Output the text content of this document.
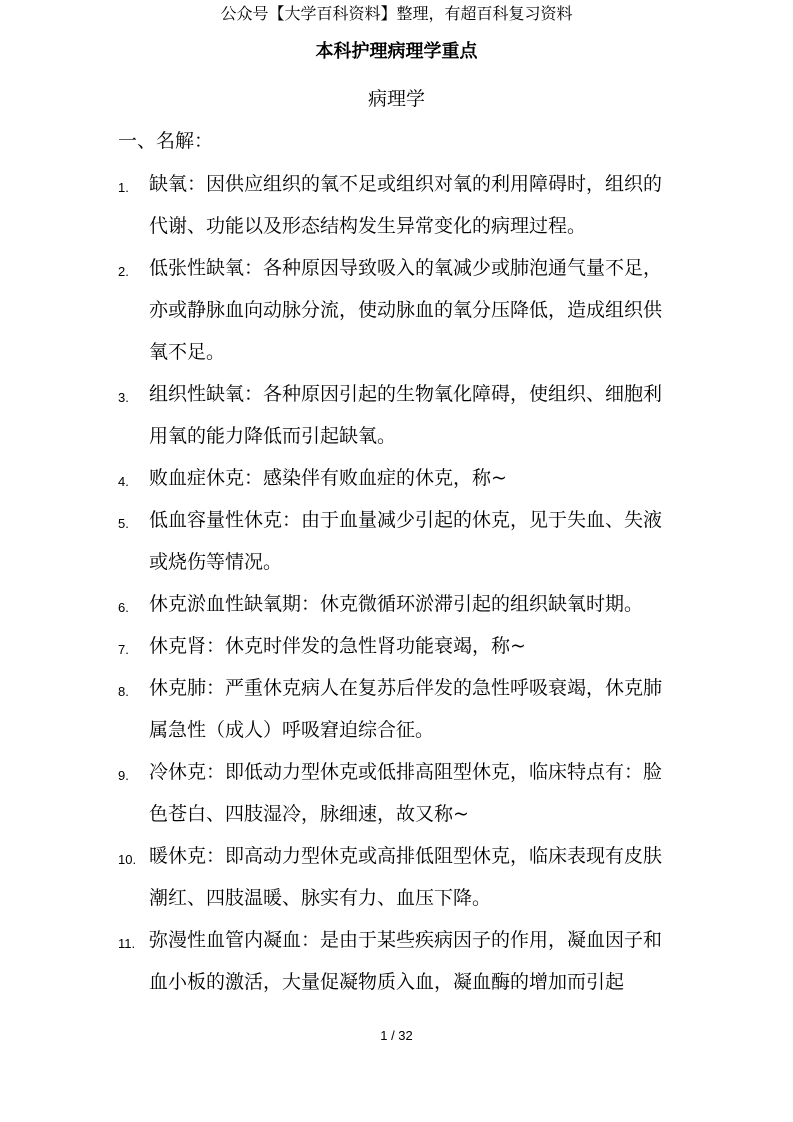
公众号【大学百科资料】整理，有超百科复习资料
本科护理病理学重点
病理学
一、名解：
1. 缺氧：因供应组织的氧不足或组织对氧的利用障碍时，组织的代谢、功能以及形态结构发生异常变化的病理过程。
2. 低张性缺氧：各种原因导致吸入的氧减少或肺泡通气量不足，亦或静脉血向动脉分流，使动脉血的氧分压降低，造成组织供氧不足。
3. 组织性缺氧：各种原因引起的生物氧化障碍，使组织、细胞利用氧的能力降低而引起缺氧。
4. 败血症休克：感染伴有败血症的休克，称~
5. 低血容量性休克：由于血量减少引起的休克，见于失血、失液或烧伤等情况。
6. 休克淤血性缺氧期：休克微循环淤滞引起的组织缺氧时期。
7. 休克肾：休克时伴发的急性肾功能衰竭，称~
8. 休克肺：严重休克病人在复苏后伴发的急性呼吸衰竭，休克肺属急性（成人）呼吸窘迫综合征。
9. 冷休克：即低动力型休克或低排高阻型休克，临床特点有：脸色苍白、四肢湿冷，脉细速，故又称~
10. 暖休克：即高动力型休克或高排低阻型休克，临床表现有皮肤潮红、四肢温暖、脉实有力、血压下降。
11. 弥漫性血管内凝血：是由于某些疾病因子的作用，凝血因子和血小板的激活，大量促凝物质入血，凝血酶的增加而引起
1 / 32
